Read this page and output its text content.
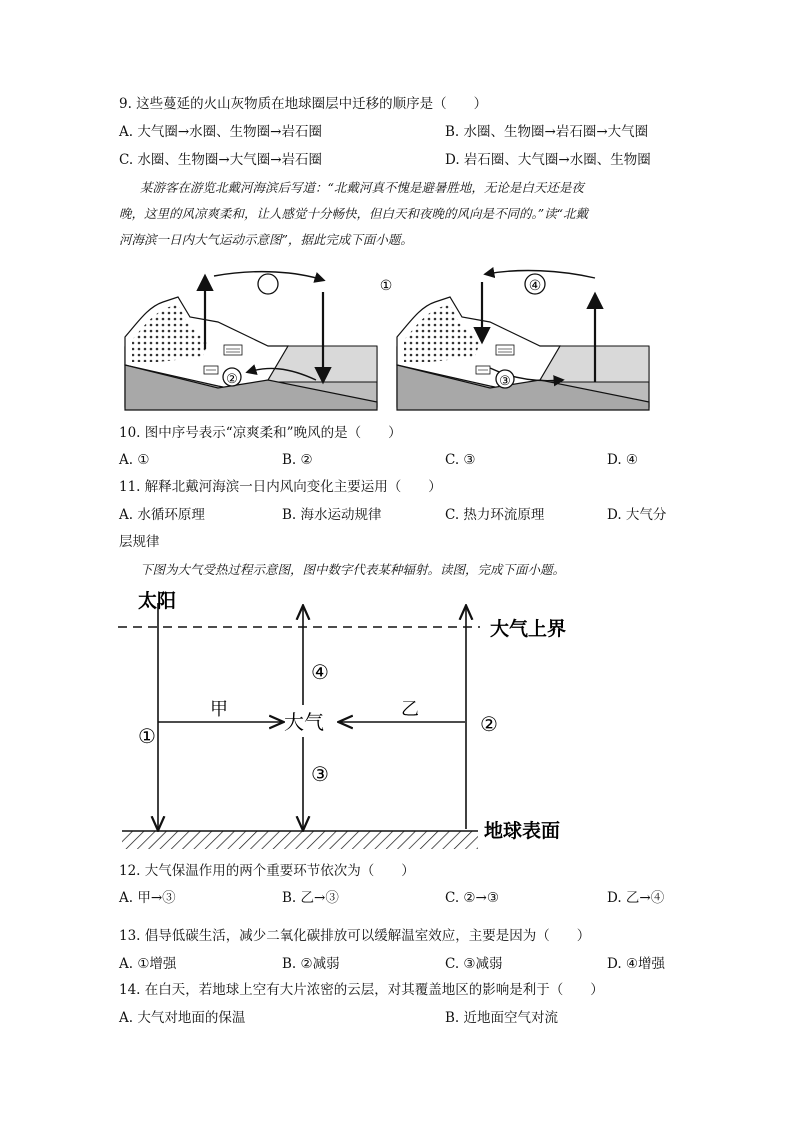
9. 这些蔓延的火山灰物质在地球圈层中迁移的顺序是（　　）
A. 大气圈→水圈、生物圈→岩石圈	B. 水圈、生物圈→岩石圈→大气圈
C. 水圈、生物圈→大气圈→岩石圈	D. 岩石圈、大气圈→水圈、生物圈
某游客在游览北戴河海滨后写道：“北戴河真不愧是避暑胜地，无论是白天还是夜
晚，这里的风凉爽柔和，让人感觉十分畅快，但白天和夜晚的风向是不同的。”读“北戴
河海滨一日内大气运动示意图”，据此完成下面小题。
①
②	③
④
10. 图中序号表示“凉爽柔和”晚风的是（　　）
A. ①	B. ②	C. ③	D. ④
11. 解释北戴河海滨一日内风向变化主要运用（　　）
A. 水循环原理	B. 海水运动规律	C. 热力环流原理	D. 大气分
层规律
下图为大气受热过程示意图，图中数字代表某种辐射。读图，完成下面小题。
太阳
大气上界
地球表面
①
甲
大气
乙
②
④
③
12. 大气保温作用的两个重要环节依次为（　　）
A. 甲→③	B. 乙→③	C. ②→③	D. 乙→④
13. 倡导低碳生活，减少二氧化碳排放可以缓解温室效应，主要是因为（　　）
A. ①增强	B. ②减弱	C. ③减弱	D. ④增强
14. 在白天，若地球上空有大片浓密的云层，对其覆盖地区的影响是利于（　　）
A. 大气对地面的保温	B. 近地面空气对流
